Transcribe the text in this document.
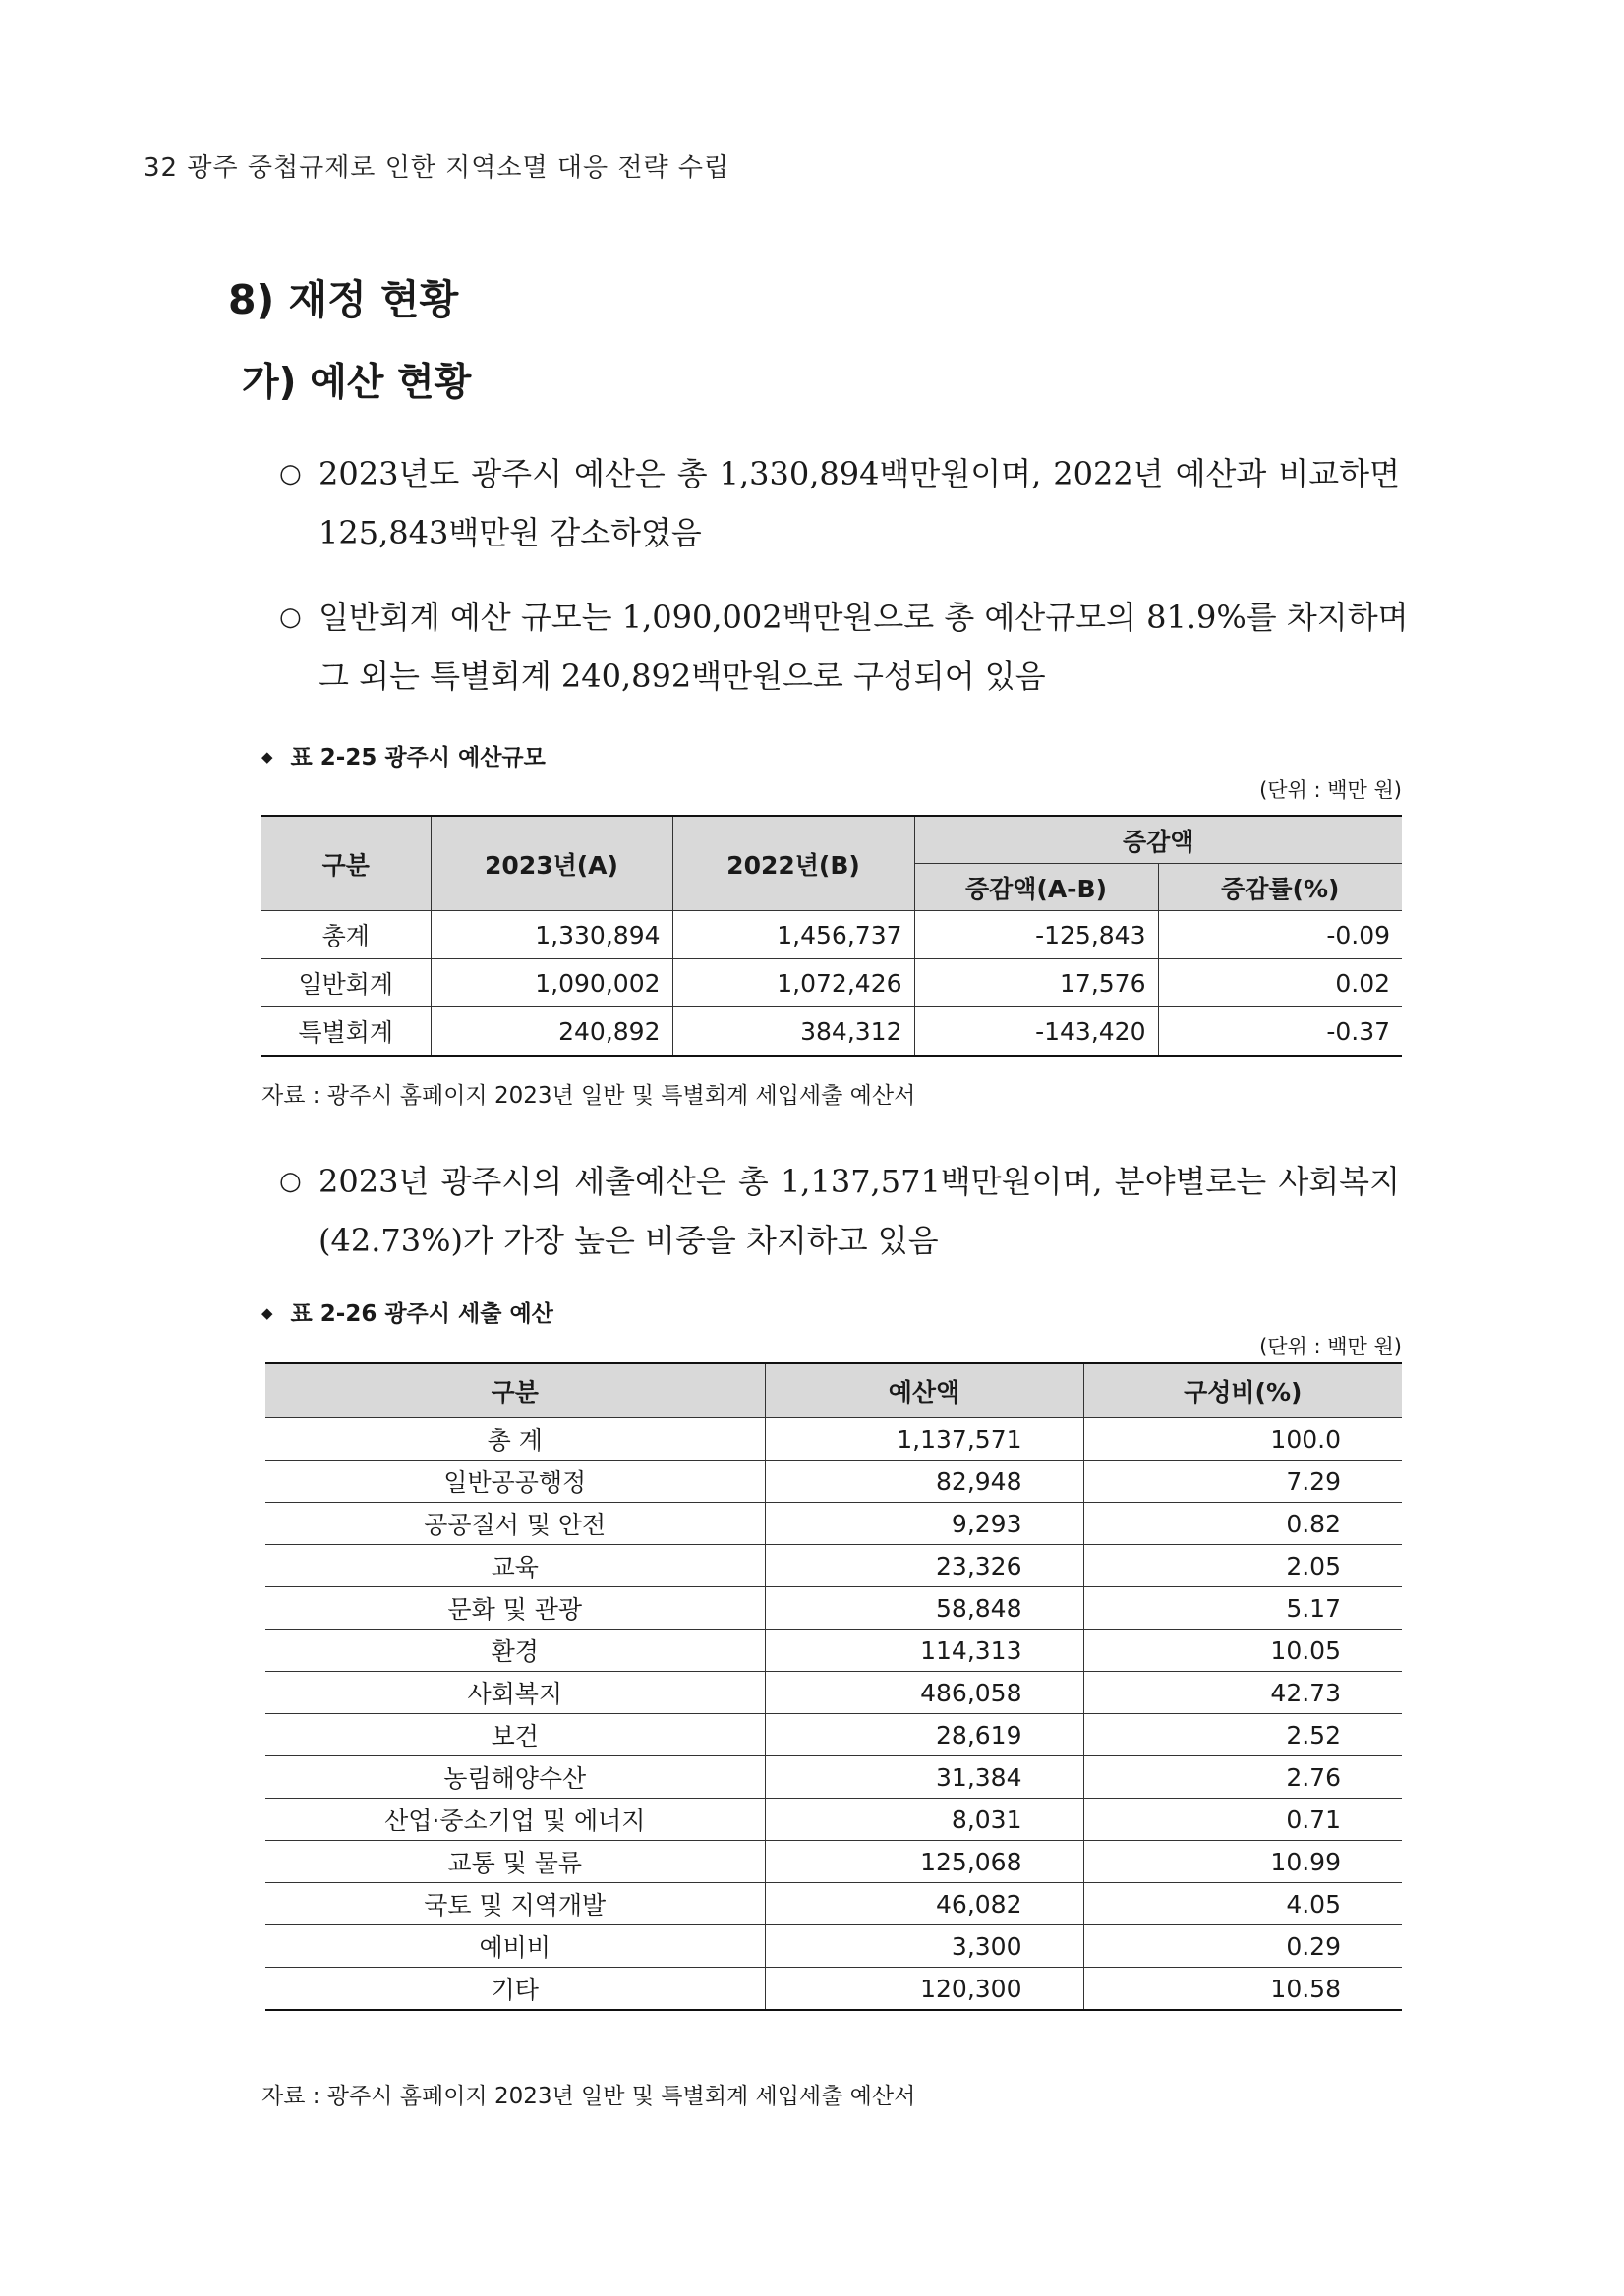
32 광주 중첩규제로 인한 지역소멸 대응 전략 수립
8) 재정 현황
가) 예산 현황
○ 2023년도 광주시 예산은 총 1,330,894백만원이며, 2022년 예산과 비교하면
125,843백만원 감소하였음
○ 일반회계 예산 규모는 1,090,002백만원으로 총 예산규모의 81.9%를 차지하며
그 외는 특별회계 240,892백만원으로 구성되어 있음
◆ 표 2-25 광주시 예산규모
(단위 : 백만 원)
구분	2023년(A)	2022년(B)	증감액	
			증감액(A-B)	증감률(%)
총계	1,330,894	1,456,737	-125,843	-0.09
일반회계	1,090,002	1,072,426	17,576	0.02
특별회계	240,892	384,312	-143,420	-0.37
자료 : 광주시 홈페이지 2023년 일반 및 특별회계 세입세출 예산서
○ 2023년 광주시의 세출예산은 총 1,137,571백만원이며, 분야별로는 사회복지
(42.73%)가 가장 높은 비중을 차지하고 있음
◆ 표 2-26 광주시 세출 예산
(단위 : 백만 원)
구분	예산액	구성비(%)
총 계	1,137,571	100.0
일반공공행정	82,948	7.29
공공질서 및 안전	9,293	0.82
교육	23,326	2.05
문화 및 관광	58,848	5.17
환경	114,313	10.05
사회복지	486,058	42.73
보건	28,619	2.52
농림해양수산	31,384	2.76
산업·중소기업 및 에너지	8,031	0.71
교통 및 물류	125,068	10.99
국토 및 지역개발	46,082	4.05
예비비	3,300	0.29
기타	120,300	10.58
자료 : 광주시 홈페이지 2023년 일반 및 특별회계 세입세출 예산서
